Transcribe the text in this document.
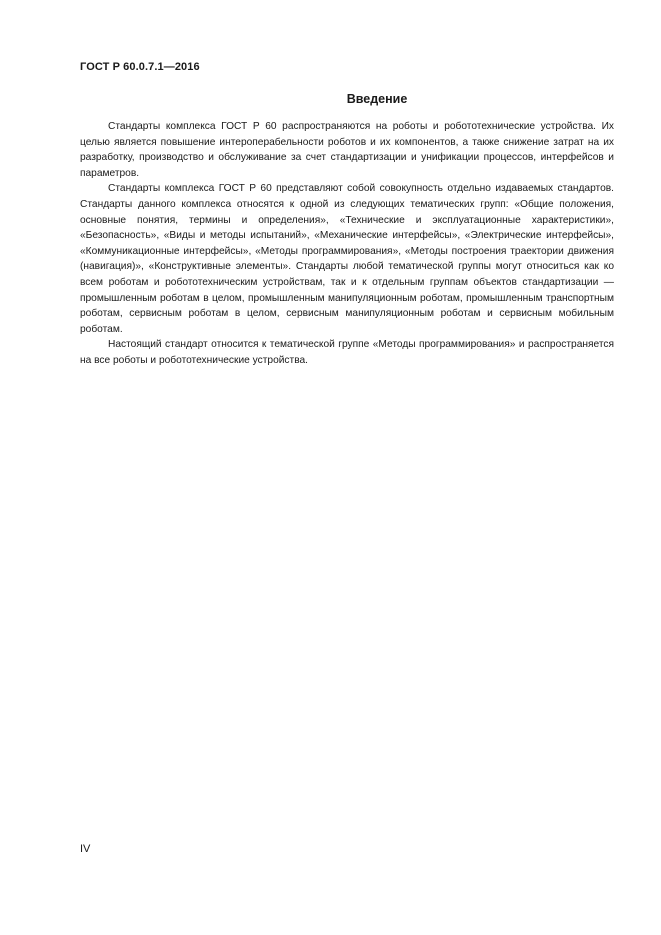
ГОСТ Р 60.0.7.1—2016
Введение

Стандарты комплекса ГОСТ Р 60 распространяются на роботы и робототехнические устройства. Их целью является повышение интероперабельности роботов и их компонентов, а также снижение затрат на их разработку, производство и обслуживание за счет стандартизации и унификации процессов, интерфейсов и параметров.

Стандарты комплекса ГОСТ Р 60 представляют собой совокупность отдельно издаваемых стандартов. Стандарты данного комплекса относятся к одной из следующих тематических групп: «Общие положения, основные понятия, термины и определения», «Технические и эксплуатационные характеристики», «Безопасность», «Виды и методы испытаний», «Механические интерфейсы», «Электрические интерфейсы», «Коммуникационные интерфейсы», «Методы программирования», «Методы построения траектории движения (навигация)», «Конструктивные элементы». Стандарты любой тематической группы могут относиться как ко всем роботам и робототехническим устройствам, так и к отдельным группам объектов стандартизации — промышленным роботам в целом, промышленным манипуляционным роботам, промышленным транспортным роботам, сервисным роботам в целом, сервисным манипуляционным роботам и сервисным мобильным роботам.

Настоящий стандарт относится к тематической группе «Методы программирования» и распространяется на все роботы и робототехнические устройства.

IV
